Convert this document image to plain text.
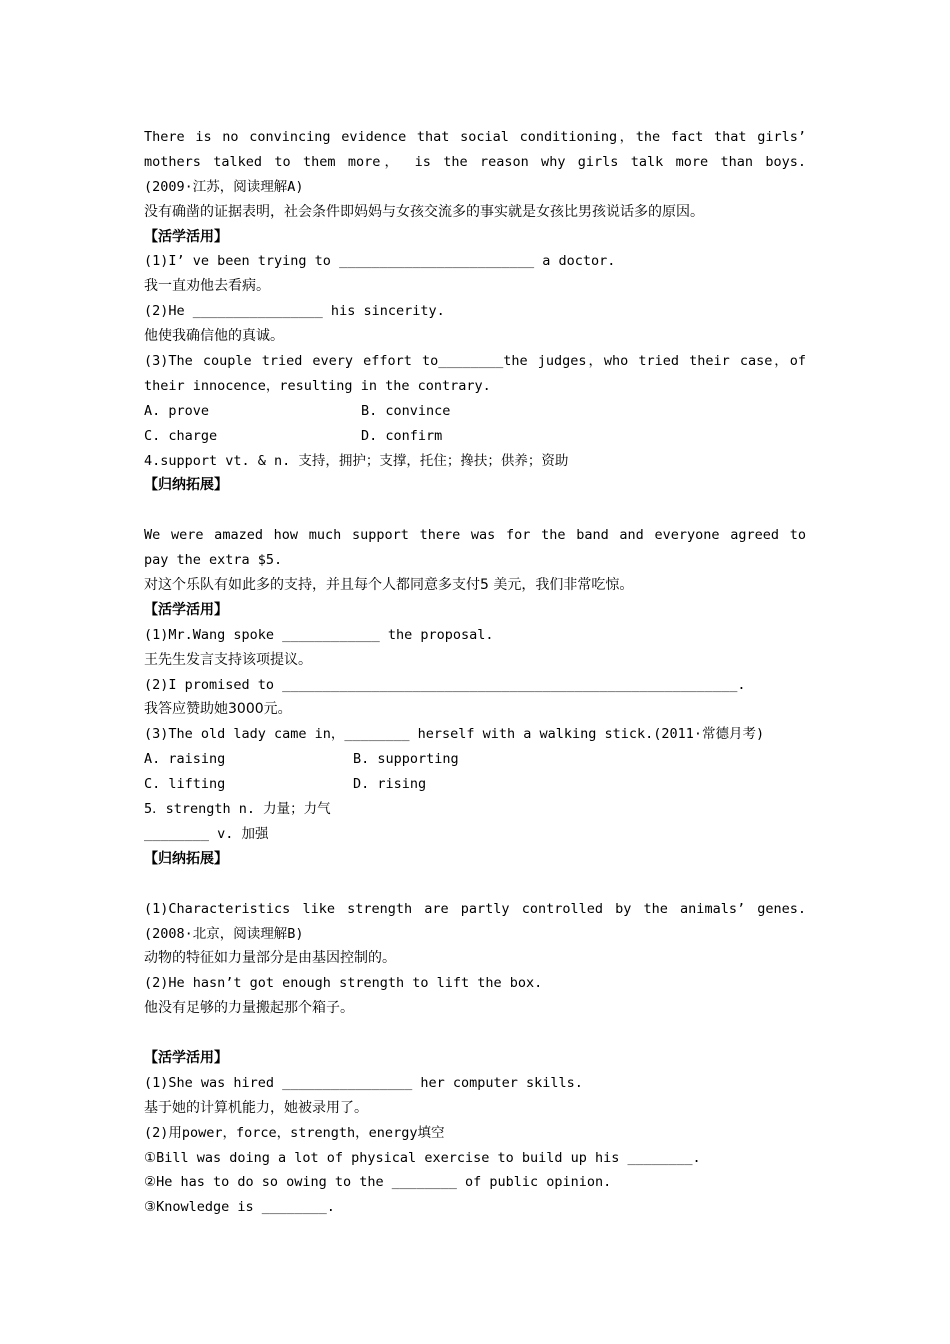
There is no convincing evidence that social conditioning，the fact that girls’
mothers talked to them more， is the reason why girls talk more than boys.
(2009·江苏，阅读理解A)
没有确凿的证据表明，社会条件即妈妈与女孩交流多的事实就是女孩比男孩说话多的原因。
【活学活用】
(1)I’ ve been trying to ________________________ a doctor.
我一直劝他去看病。
(2)He ________________ his sincerity.
他使我确信他的真诚。
(3)The couple tried every effort to________the judges，who tried their case，of
their innocence，resulting in the contrary.
A. prove	B. convince
C. charge	D. confirm
4.support vt. & n. 支持，拥护；支撑，托住；搀扶；供养；资助
【归纳拓展】
We were amazed how much support there was for the band and everyone agreed to
pay the extra $5.
对这个乐队有如此多的支持，并且每个人都同意多支付5 美元，我们非常吃惊。
【活学活用】
(1)Mr.Wang spoke ____________ the proposal.
王先生发言支持该项提议。
(2)I promised to ________________________________________________________.
我答应赞助她3000元。
(3)The old lady came in，________ herself with a walking stick.(2011·常德月考)
A. raising	B. supporting
C. lifting	D. rising
5．strength n. 力量；力气
________ v. 加强
【归纳拓展】
(1)Characteristics like strength are partly controlled by the animals’ genes.
(2008·北京，阅读理解B)
动物的特征如力量部分是由基因控制的。
(2)He hasn’t got enough strength to lift the box.
他没有足够的力量搬起那个箱子。
【活学活用】
(1)She was hired ________________ her computer skills.
基于她的计算机能力，她被录用了。
(2)用power，force，strength，energy填空
①Bill was doing a lot of physical exercise to build up his ________.
②He has to do so owing to the ________ of public opinion.
③Knowledge is ________.
